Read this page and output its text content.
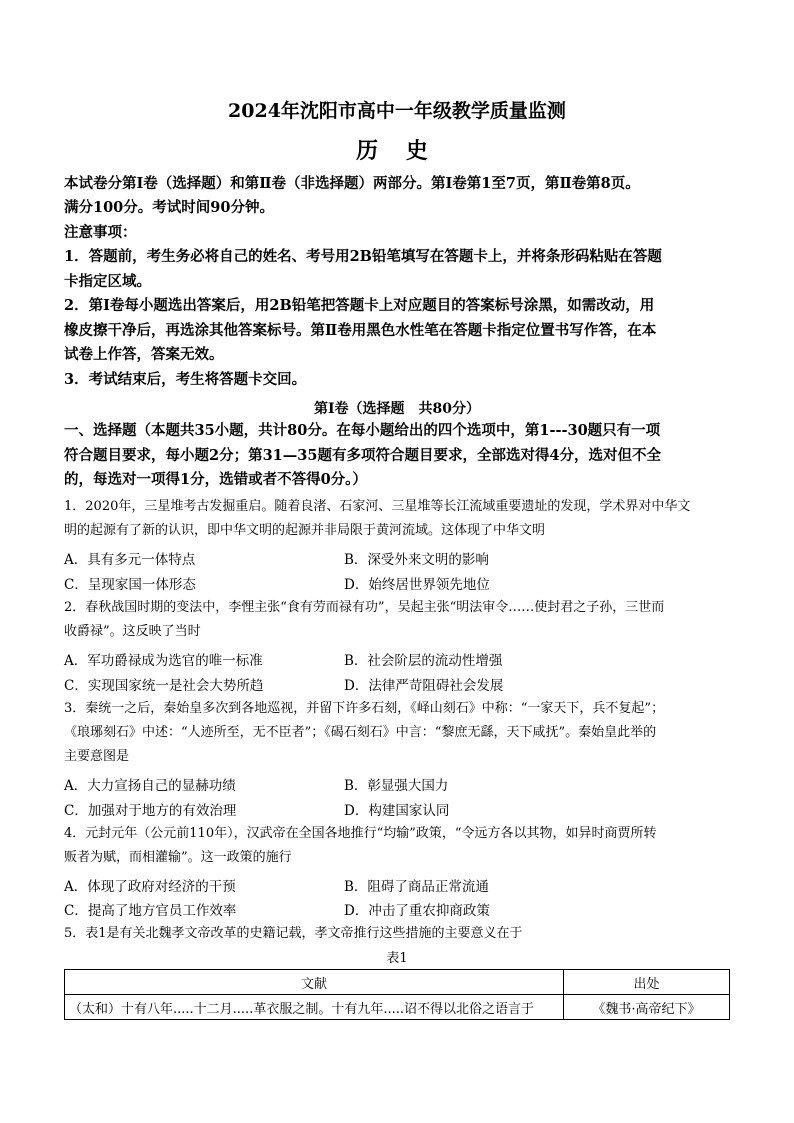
2024年沈阳市高中一年级教学质量监测
历 史
本试卷分第Ⅰ卷（选择题）和第Ⅱ卷（非选择题）两部分。第Ⅰ卷第1至7页，第Ⅱ卷第8页。
满分100分。考试时间90分钟。
注意事项：
1．答题前，考生务必将自己的姓名、考号用2B铅笔填写在答题卡上，并将条形码粘贴在答题
卡指定区域。
2．第Ⅰ卷每小题选出答案后，用2B铅笔把答题卡上对应题目的答案标号涂黑，如需改动，用
橡皮擦干净后，再选涂其他答案标号。第Ⅱ卷用黑色水性笔在答题卡指定位置书写作答，在本
试卷上作答，答案无效。
3．考试结束后，考生将答题卡交回。
第Ⅰ卷（选择题　共80分）
一、选择题（本题共35小题，共计80分。在每小题给出的四个选项中，第1---30题只有一项
符合题目要求，每小题2分；第31—35题有多项符合题目要求，全部选对得4分，选对但不全
的，每选对一项得1分，选错或者不答得0分。）
1．2020年，三星堆考古发掘重启。随着良渚、石家河、三星堆等长江流域重要遗址的发现，学术界对中华文
明的起源有了新的认识，即中华文明的起源并非局限于黄河流域。这体现了中华文明
A．具有多元一体特点	B．深受外来文明的影响
C．呈现家国一体形态	D．始终居世界领先地位
2．春秋战国时期的变法中，李悝主张“食有劳而禄有功”，吴起主张“明法审令……使封君之子孙，三世而
收爵禄”。这反映了当时
A．军功爵禄成为选官的唯一标准	B．社会阶层的流动性增强
C．实现国家统一是社会大势所趋	D．法律严苛阻碍社会发展
3．秦统一之后，秦始皇多次到各地巡视，并留下许多石刻，《峄山刻石》中称：“一家天下，兵不复起”；
《琅琊刻石》中述：“人迹所至，无不臣者”；《碣石刻石》中言：“黎庶无繇，天下咸抚”。秦始皇此举的
主要意图是
A．大力宣扬自己的显赫功绩	B．彰显强大国力
C．加强对于地方的有效治理	D．构建国家认同
4．元封元年（公元前110年），汉武帝在全国各地推行“均输”政策，“令远方各以其物，如异时商贾所转
贩者为赋，而相灌输”。这一政策的施行
A．体现了政府对经济的干预	B．阻碍了商品正常流通
C．提高了地方官员工作效率	D．冲击了重农抑商政策
5．表1是有关北魏孝文帝改革的史籍记载，孝文帝推行这些措施的主要意义在于
表1
文献	出处
（太和）十有八年.....十二月.....革衣服之制。十有九年.....诏不得以北俗之语言于	《魏书·高帝纪下》
